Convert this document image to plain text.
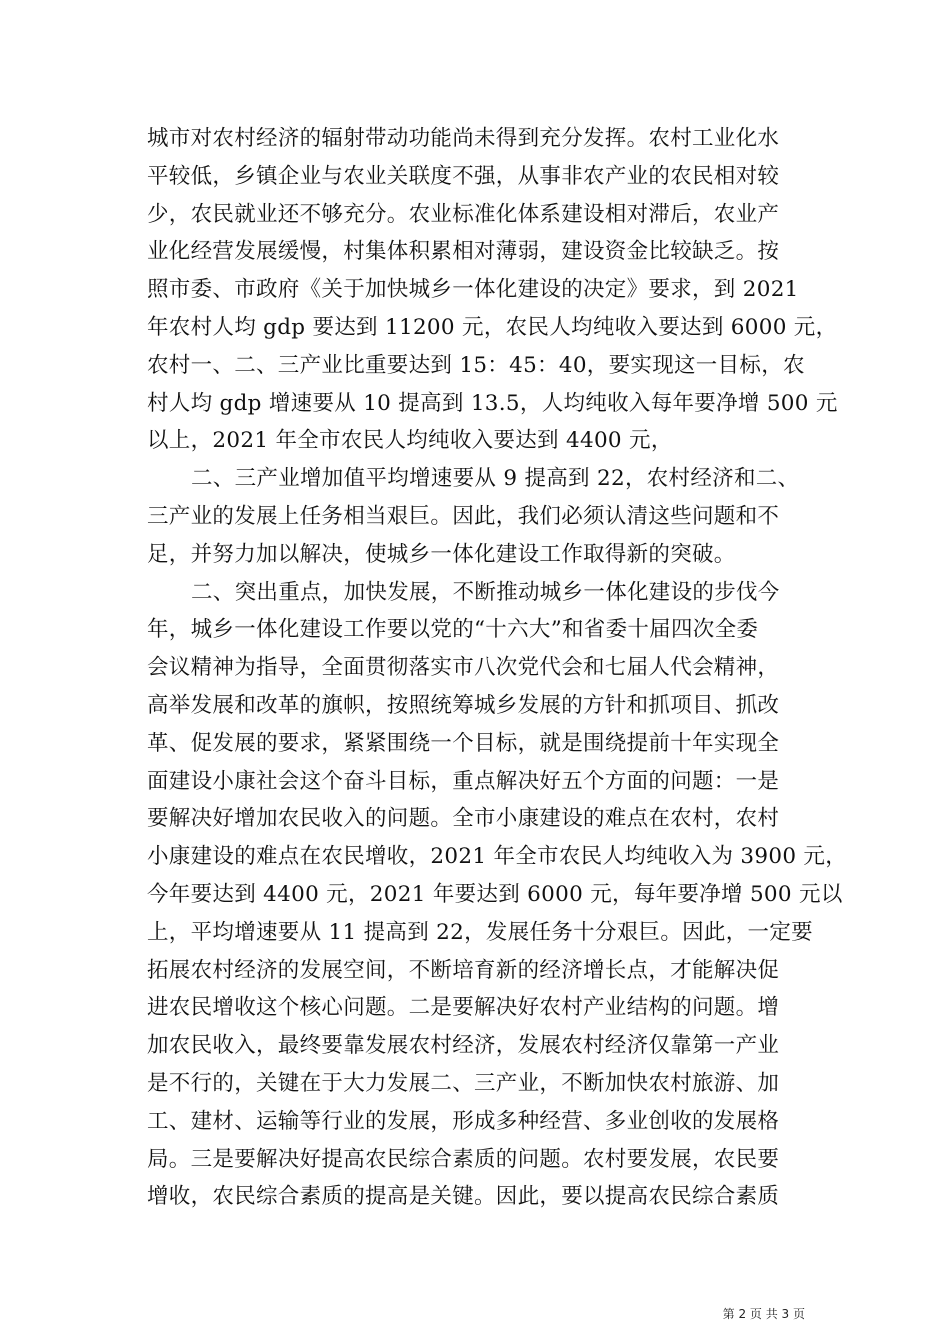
城市对农村经济的辐射带动功能尚未得到充分发挥。农村工业化水
平较低，乡镇企业与农业关联度不强，从事非农产业的农民相对较
少，农民就业还不够充分。农业标准化体系建设相对滞后，农业产
业化经营发展缓慢，村集体积累相对薄弱，建设资金比较缺乏。按
照市委、市政府《关于加快城乡一体化建设的决定》要求，到 2021
年农村人均 gdp 要达到 11200 元，农民人均纯收入要达到 6000 元，
农村一、二、三产业比重要达到 15：45：40，要实现这一目标，农
村人均 gdp 增速要从 10 提高到 13.5，人均纯收入每年要净增 500 元
以上，2021 年全市农民人均纯收入要达到 4400 元，
二、三产业增加值平均增速要从 9 提高到 22，农村经济和二、
三产业的发展上任务相当艰巨。因此，我们必须认清这些问题和不
足，并努力加以解决，使城乡一体化建设工作取得新的突破。
二、突出重点，加快发展，不断推动城乡一体化建设的步伐今
年，城乡一体化建设工作要以党的“十六大”和省委十届四次全委
会议精神为指导，全面贯彻落实市八次党代会和七届人代会精神，
高举发展和改革的旗帜，按照统筹城乡发展的方针和抓项目、抓改
革、促发展的要求，紧紧围绕一个目标，就是围绕提前十年实现全
面建设小康社会这个奋斗目标，重点解决好五个方面的问题：一是
要解决好增加农民收入的问题。全市小康建设的难点在农村，农村
小康建设的难点在农民增收，2021 年全市农民人均纯收入为 3900 元，
今年要达到 4400 元，2021 年要达到 6000 元，每年要净增 500 元以
上，平均增速要从 11 提高到 22，发展任务十分艰巨。因此，一定要
拓展农村经济的发展空间，不断培育新的经济增长点，才能解决促
进农民增收这个核心问题。二是要解决好农村产业结构的问题。增
加农民收入，最终要靠发展农村经济，发展农村经济仅靠第一产业
是不行的，关键在于大力发展二、三产业，不断加快农村旅游、加
工、建材、运输等行业的发展，形成多种经营、多业创收的发展格
局。三是要解决好提高农民综合素质的问题。农村要发展，农民要
增收，农民综合素质的提高是关键。因此，要以提高农民综合素质
第 2 页 共 3 页
